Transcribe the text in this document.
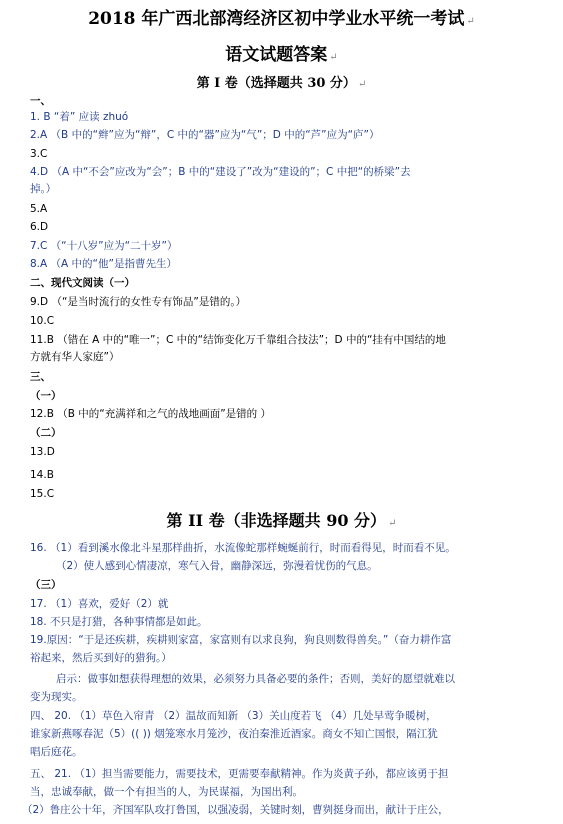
2018 年广西北部湾经济区初中学业水平统一考试 ↵
语文试题答案 ↵
第 I 卷（选择题共 30 分） ↵
一、
1. B “着” 应读 zhuó
2.A （B 中的“辫”应为“辩”，C 中的“器”应为“气”；D 中的“芦”应为“庐”）
3.C
4.D （A 中“不会”应改为“会”；B 中的“建设了”改为“建设的”；C 中把“的桥梁”去
掉。）
5.A
6.D
7.C （“十八岁”应为“二十岁”）
8.A （A 中的“他”是指曹先生）
二、现代文阅读（一）
9.D （“是当时流行的女性专有饰品”是错的。）
10.C
11.B （错在 A 中的“唯一”；C 中的“结饰变化万千靠组合技法”；D 中的“挂有中国结的地
方就有华人家庭”）
三、
（一）
12.B （B 中的“充满祥和之气的战地画面”是错的 ）
（二）
13.D
14.B
15.C
第 II 卷（非选择题共 90 分） ↵
16. （1）看到溪水像北斗星那样曲折，水流像蛇那样蜿蜒前行，时而看得见，时而看不见。
（2）使人感到心情凄凉，寒气入骨，幽静深远，弥漫着忧伤的气息。
（三）
17. （1）喜欢，爱好（2）就
18. 不只是打猎，各种事情都是如此。
19.原因：“于是还疾耕，疾耕则家富，家富则有以求良狗，狗良则数得兽矣。”（奋力耕作富
裕起来，然后买到好的猎狗。）
启示：做事如想获得理想的效果，必须努力具备必要的条件；否则，美好的愿望就难以
变为现实。
四、 20. （1）草色入帘青 （2）温故而知新 （3）关山度若飞 （4）几处早莺争暖树，
谁家新燕啄春泥（5）(( )) 烟笼寒水月笼沙，夜泊秦淮近酒家。商女不知亡国恨，隔江犹
唱后庭花。
五、 21. （1）担当需要能力，需要技术，更需要奉献精神。作为炎黄子孙，都应该勇于担
当，忠诚奉献，做一个有担当的人，为民谋福，为国出利。
（2）鲁庄公十年，齐国军队攻打鲁国，以强凌弱，关键时刻，曹刿挺身而出，献计于庄公，
